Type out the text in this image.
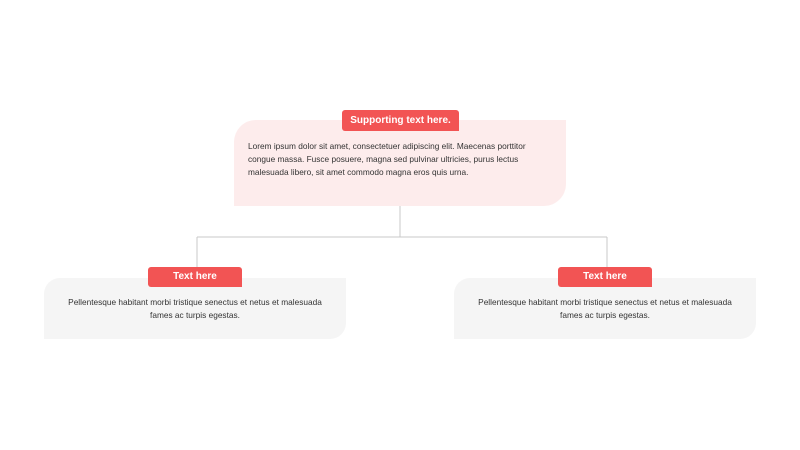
Lorem ipsum dolor sit amet, consectetuer adipiscing elit. Maecenas porttitor congue massa. Fusce posuere, magna sed pulvinar ultricies, purus lectus malesuada libero, sit amet commodo magna eros quis urna.

Supporting text here.

Pellentesque habitant morbi tristique senectus et netus et malesuada fames ac turpis egestas.

Text here

Pellentesque habitant morbi tristique senectus et netus et malesuada fames ac turpis egestas.

Text here
